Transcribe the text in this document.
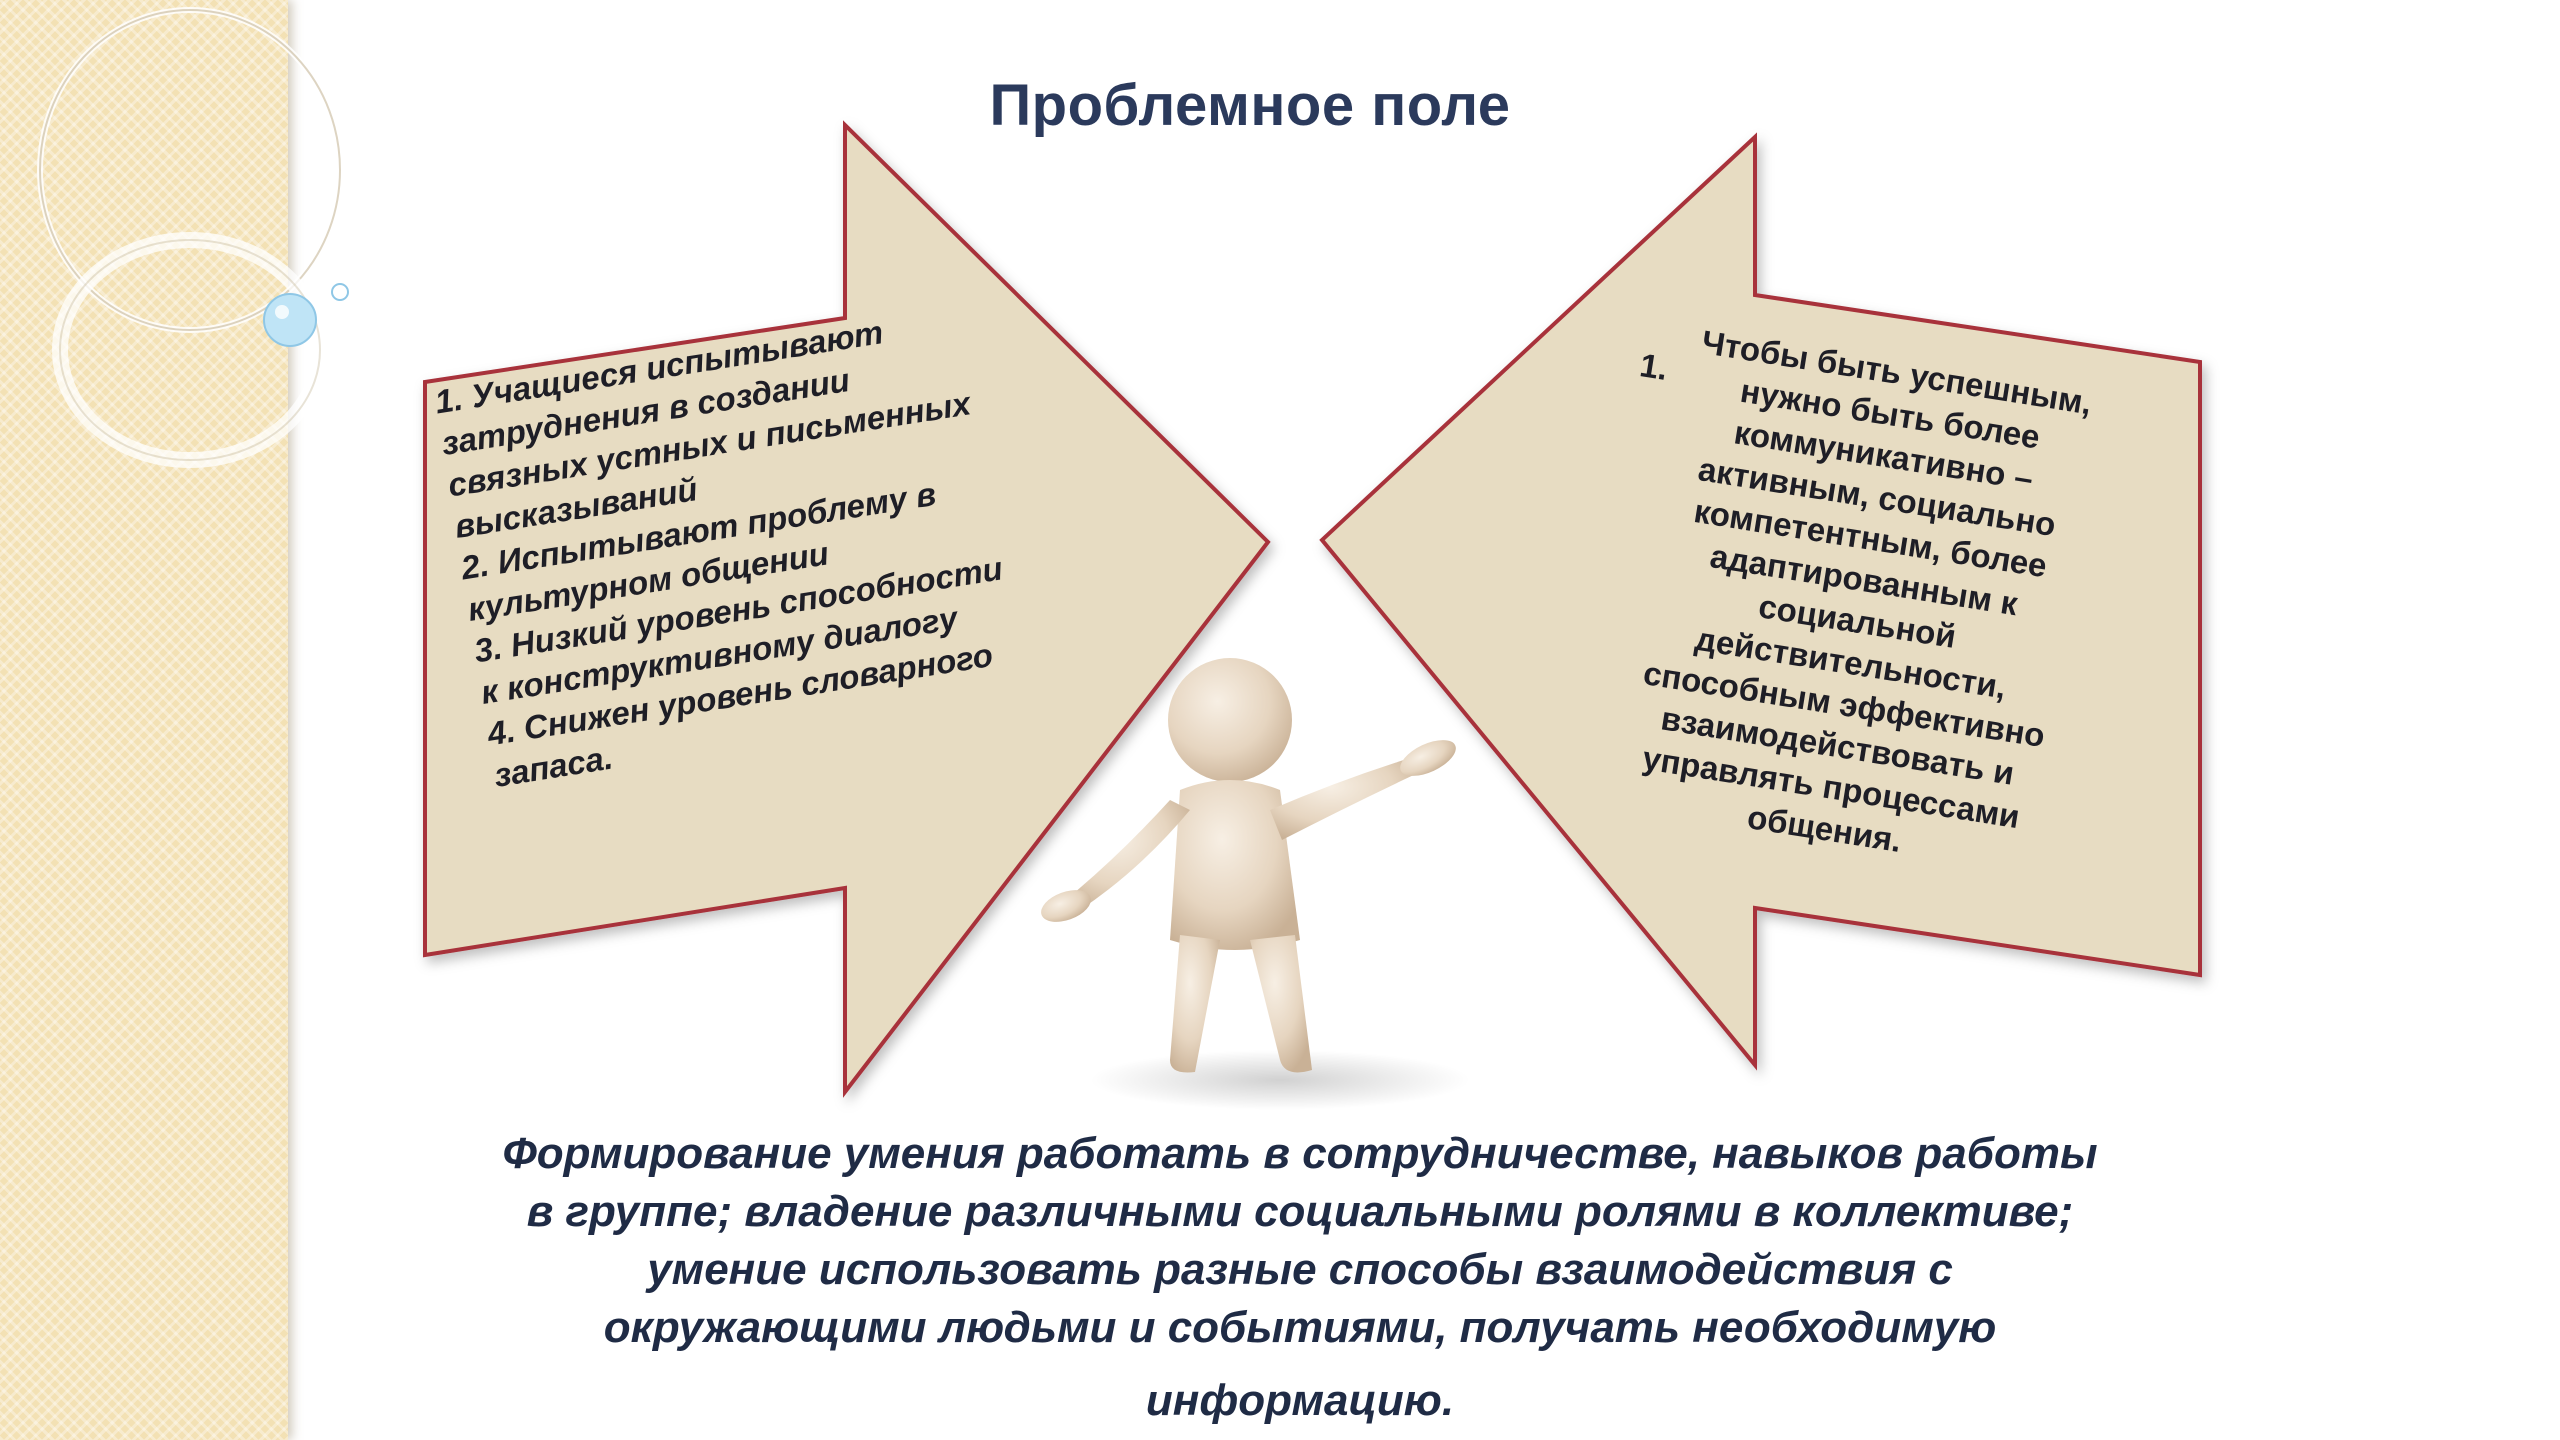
Проблемное поле

1. Учащиеся испытывают
затруднения в создании
связных устных и письменных
высказываний
2. Испытывают проблему в
культурном общении
3. Низкий уровень способности
к конструктивному диалогу
4. Снижен уровень словарного
запаса.

1. Чтобы быть успешным,
нужно быть более
коммуникативно –
активным, социально
компетентным, более
адаптированным к
социальной
действительности,
способным эффективно
взаимодействовать и
управлять процессами
общения.

Формирование умения работать в сотрудничестве, навыков работы
в группе; владение различными социальными ролями в коллективе;
умение использовать разные способы взаимодействия с
окружающими людьми и событиями, получать необходимую

информацию.
